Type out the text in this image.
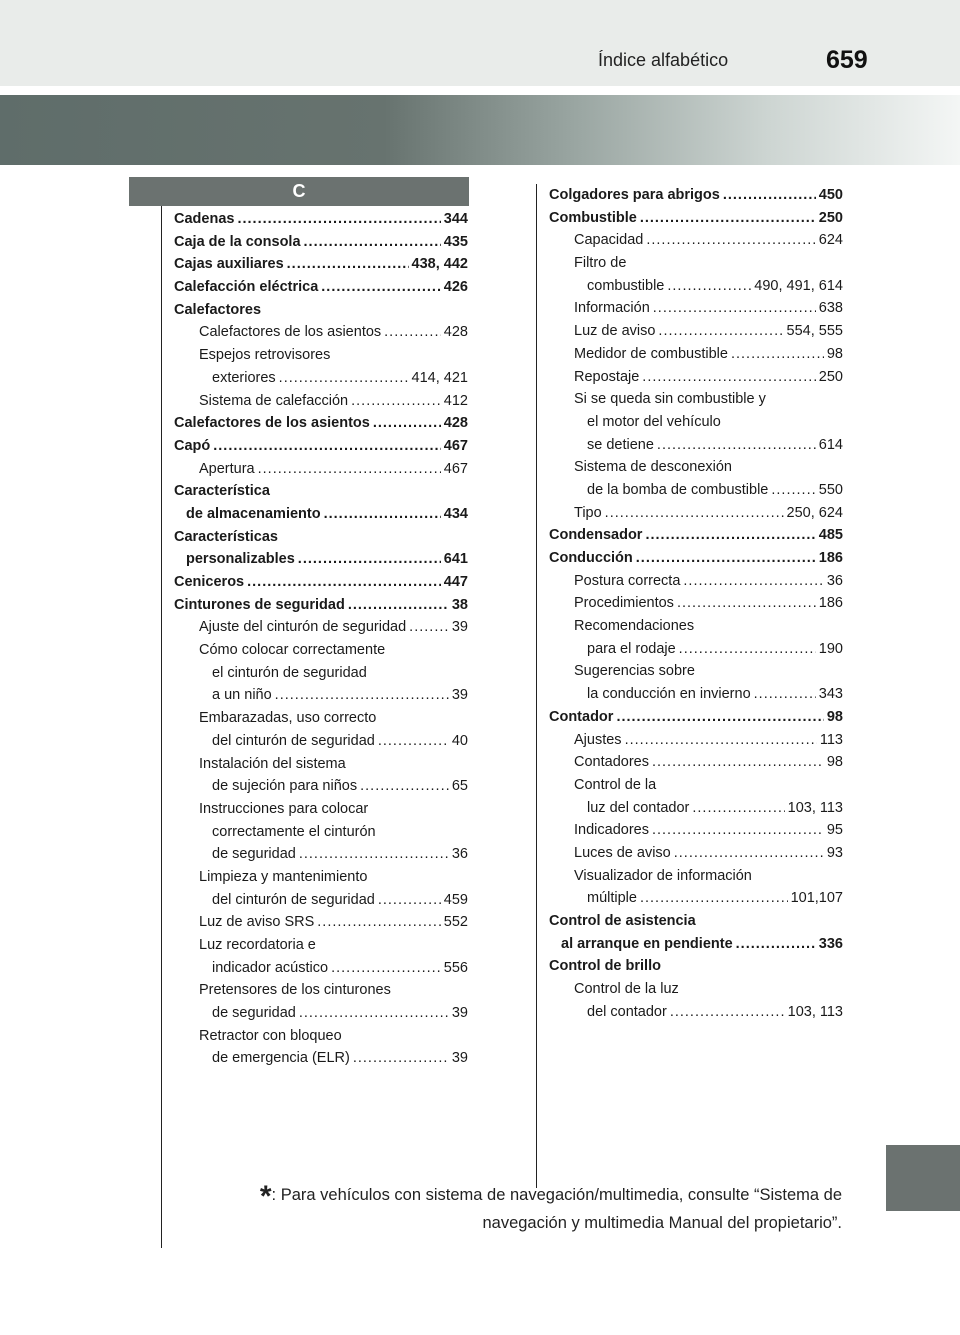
Índice alfabético	659
C
Cadenas .....	344
Caja de la consola .....	435
Cajas auxiliares .....	438, 442
Calefacción eléctrica .....	426
Calefactores
Calefactores de los asientos .....	428
Espejos retrovisores
exteriores .....	414, 421
Sistema de calefacción .....	412
Calefactores de los asientos .....	428
Capó .....	467
Apertura .....	467
Característica
de almacenamiento .....	434
Características
personalizables .....	641
Ceniceros .....	447
Cinturones de seguridad .....	38
Ajuste del cinturón de seguridad .....	39
Cómo colocar correctamente
el cinturón de seguridad
a un niño .....	39
Embarazadas, uso correcto
del cinturón de seguridad .....	40
Instalación del sistema
de sujeción para niños .....	65
Instrucciones para colocar
correctamente el cinturón
de seguridad .....	36
Limpieza y mantenimiento
del cinturón de seguridad .....	459
Luz de aviso SRS .....	552
Luz recordatoria e
indicador acústico .....	556
Pretensores de los cinturones
de seguridad .....	39
Retractor con bloqueo
de emergencia (ELR) .....	39
Colgadores para abrigos .....	450
Combustible .....	250
Capacidad .....	624
Filtro de
combustible .....	490, 491, 614
Información .....	638
Luz de aviso .....	554, 555
Medidor de combustible .....	98
Repostaje .....	250
Si se queda sin combustible y
el motor del vehículo
se detiene .....	614
Sistema de desconexión
de la bomba de combustible .....	550
Tipo .....	250, 624
Condensador .....	485
Conducción .....	186
Postura correcta .....	36
Procedimientos .....	186
Recomendaciones
para el rodaje .....	190
Sugerencias sobre
la conducción en invierno .....	343
Contador .....	98
Ajustes .....	113
Contadores .....	98
Control de la
luz del contador .....	103, 113
Indicadores .....	95
Luces de aviso .....	93
Visualizador de información
múltiple .....	101,107
Control de asistencia
al arranque en pendiente .....	336
Control de brillo
Control de la luz
del contador .....	103, 113
*: Para vehículos con sistema de navegación/multimedia, consulte “Sistema de navegación y multimedia Manual del propietario”.
